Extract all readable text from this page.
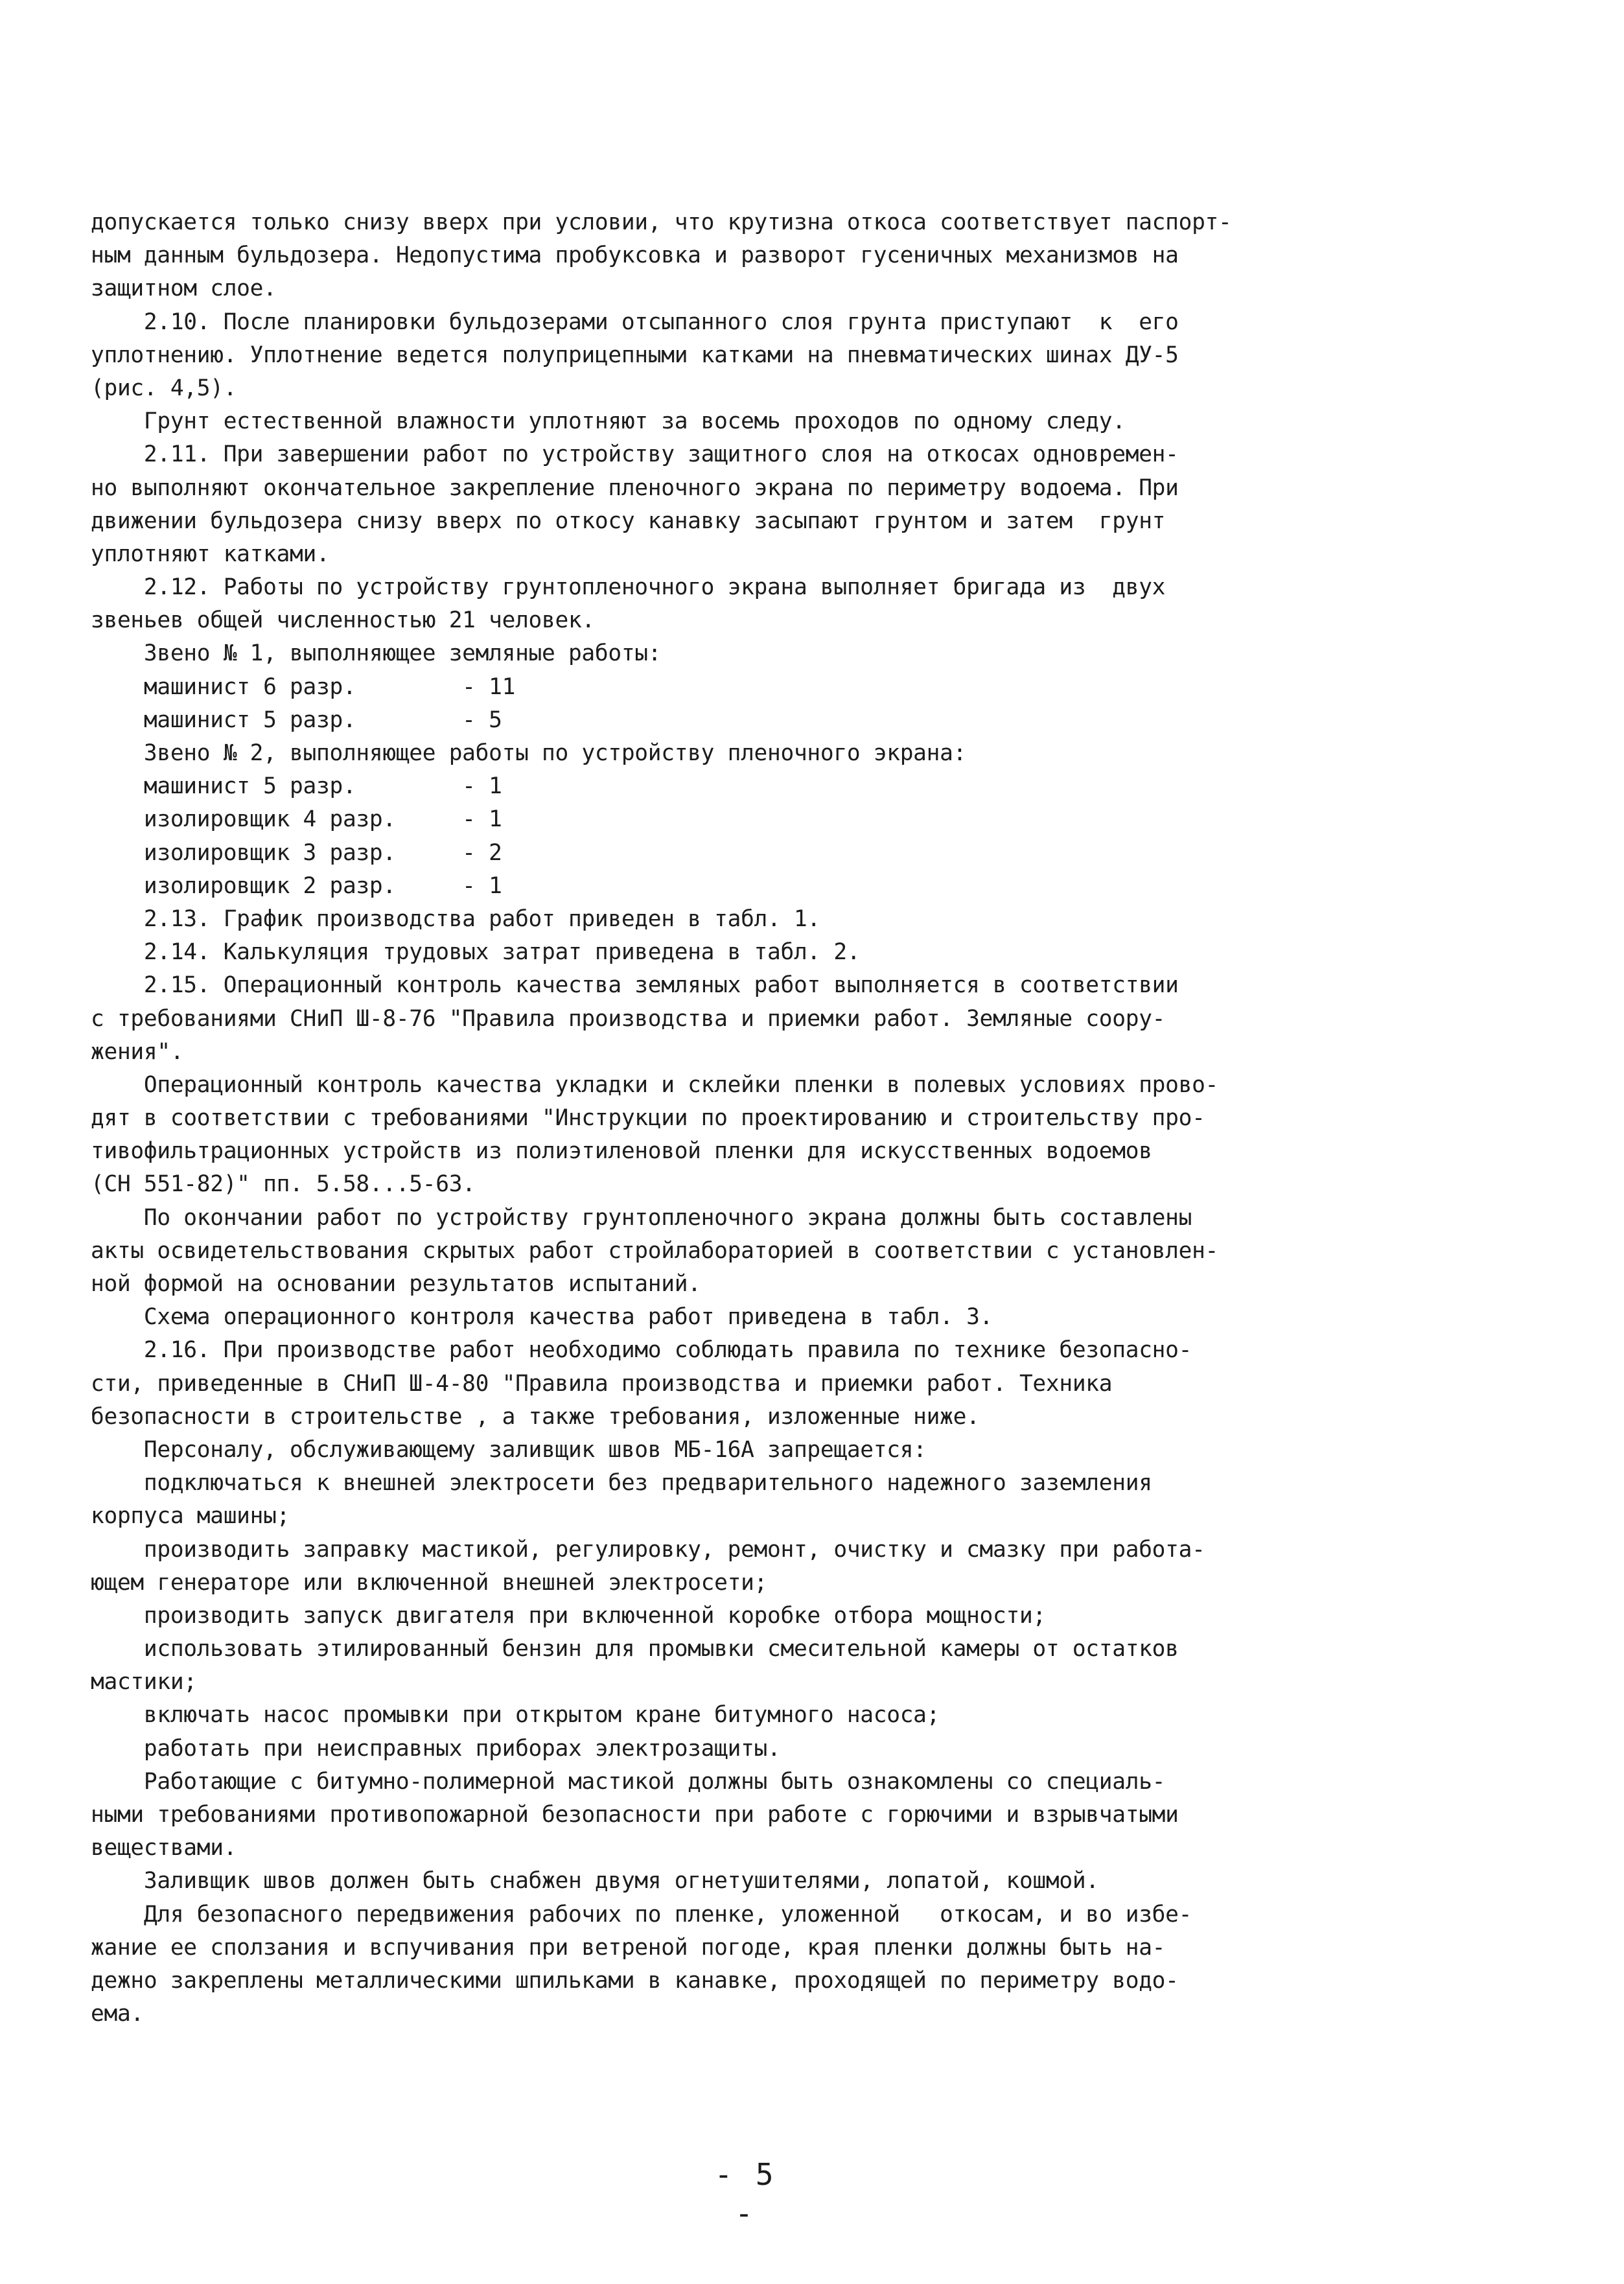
допускается только снизу вверх при условии, что крутизна откоса соответствует паспорт-
ным данным бульдозера. Недопустима пробуксовка и разворот гусеничных механизмов на
защитном слое.
2.10. После планировки бульдозерами отсыпанного слоя грунта приступают  к  его
уплотнению. Уплотнение ведется полуприцепными катками на пневматических шинах ДУ-5
(рис. 4,5).
Грунт естественной влажности уплотняют за восемь проходов по одному следу.
2.11. При завершении работ по устройству защитного слоя на откосах одновремен-
но выполняют окончательное закрепление пленочного экрана по периметру водоема. При
движении бульдозера снизу вверх по откосу канавку засыпают грунтом и затем  грунт
уплотняют катками.
2.12. Работы по устройству грунтопленочного экрана выполняет бригада из  двух
звеньев общей численностью 21 человек.
Звено № 1, выполняющее земляные работы:
машинист 6 разр.        - 11
машинист 5 разр.        - 5
Звено № 2, выполняющее работы по устройству пленочного экрана:
машинист 5 разр.        - 1
изолировщик 4 разр.     - 1
изолировщик 3 разр.     - 2
изолировщик 2 разр.     - 1
2.13. График производства работ приведен в табл. 1.
2.14. Калькуляция трудовых затрат приведена в табл. 2.
2.15. Операционный контроль качества земляных работ выполняется в соответствии
с требованиями СНиП Ш-8-76 "Правила производства и приемки работ. Земляные соору-
жения".
Операционный контроль качества укладки и склейки пленки в полевых условиях прово-
дят в соответствии с требованиями "Инструкции по проектированию и строительству про-
тивофильтрационных устройств из полиэтиленовой пленки для искусственных водоемов
(СН 551-82)" пп. 5.58...5-63.
По окончании работ по устройству грунтопленочного экрана должны быть составлены
акты освидетельствования скрытых работ стройлабораторией в соответствии с установлен-
ной формой на основании результатов испытаний.
Схема операционного контроля качества работ приведена в табл. 3.
2.16. При производстве работ необходимо соблюдать правила по технике безопасно-
сти, приведенные в СНиП Ш-4-80 "Правила производства и приемки работ. Техника
безопасности в строительстве , а также требования, изложенные ниже.
Персоналу, обслуживающему заливщик швов МБ-16А запрещается:
подключаться к внешней электросети без предварительного надежного заземления
корпуса машины;
производить заправку мастикой, регулировку, ремонт, очистку и смазку при работа-
ющем генераторе или включенной внешней электросети;
производить запуск двигателя при включенной коробке отбора мощности;
использовать этилированный бензин для промывки смесительной камеры от остатков
мастики;
включать насос промывки при открытом кране битумного насоса;
работать при неисправных приборах электрозащиты.
Работающие с битумно-полимерной мастикой должны быть ознакомлены со специаль-
ными требованиями противопожарной безопасности при работе с горючими и взрывчатыми
веществами.
Заливщик швов должен быть снабжен двумя огнетушителями, лопатой, кошмой.
Для безопасного передвижения рабочих по пленке, уложенной   откосам, и во избе-
жание ее сползания и вспучивания при ветреной погоде, края пленки должны быть на-
дежно закреплены металлическими шпильками в канавке, проходящей по периметру водо-
ема.
- 5 -
